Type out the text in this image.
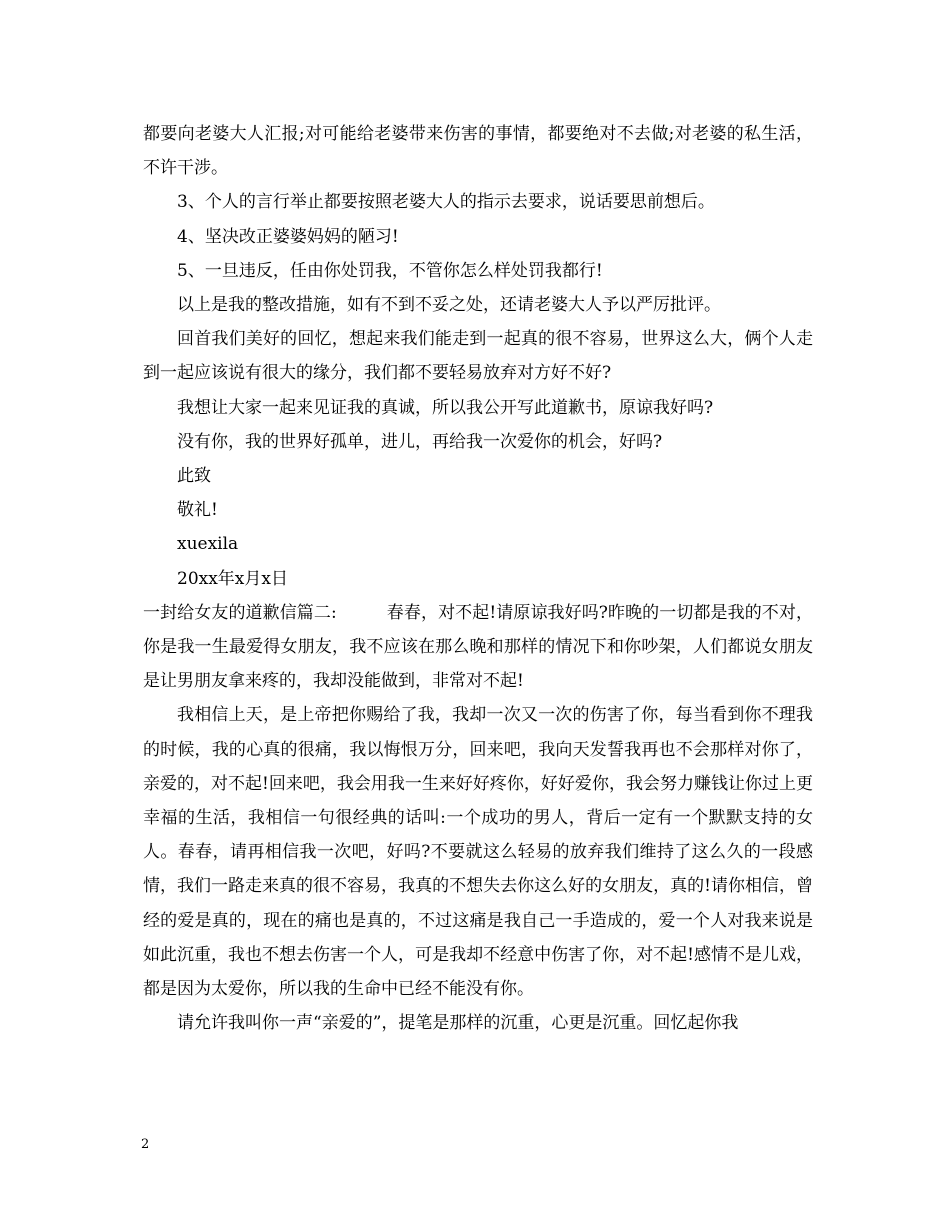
都要向老婆大人汇报;对可能给老婆带来伤害的事情，都要绝对不去做;对老婆的私生活，不许干涉。

3、个人的言行举止都要按照老婆大人的指示去要求，说话要思前想后。

4、坚决改正婆婆妈妈的陋习!

5、一旦违反，任由你处罚我，不管你怎么样处罚我都行!

以上是我的整改措施，如有不到不妥之处，还请老婆大人予以严厉批评。

回首我们美好的回忆，想起来我们能走到一起真的很不容易，世界这么大，俩个人走到一起应该说有很大的缘分，我们都不要轻易放弃对方好不好?

我想让大家一起来见证我的真诚，所以我公开写此道歉书，原谅我好吗?

没有你，我的世界好孤单，进儿，再给我一次爱你的机会，好吗?

此致

敬礼!

xuexila

20xx年x月x日

一封给女友的道歉信篇二:	春春，对不起!请原谅我好吗?昨晚的一切都是我的不对，你是我一生最爱得女朋友，我不应该在那么晚和那样的情况下和你吵架，人们都说女朋友是让男朋友拿来疼的，我却没能做到，非常对不起!

我相信上天，是上帝把你赐给了我，我却一次又一次的伤害了你，每当看到你不理我的时候，我的心真的很痛，我以悔恨万分，回来吧，我向天发誓我再也不会那样对你了，亲爱的，对不起!回来吧，我会用我一生来好好疼你，好好爱你，我会努力赚钱让你过上更幸福的生活，我相信一句很经典的话叫:一个成功的男人，背后一定有一个默默支持的女人。春春，请再相信我一次吧，好吗?不要就这么轻易的放弃我们维持了这么久的一段感情，我们一路走来真的很不容易，我真的不想失去你这么好的女朋友，真的!请你相信，曾经的爱是真的，现在的痛也是真的，不过这痛是我自己一手造成的，爱一个人对我来说是如此沉重，我也不想去伤害一个人，可是我却不经意中伤害了你，对不起!感情不是儿戏，都是因为太爱你，所以我的生命中已经不能没有你。

请允许我叫你一声“亲爱的”，提笔是那样的沉重，心更是沉重。回忆起你我

2
